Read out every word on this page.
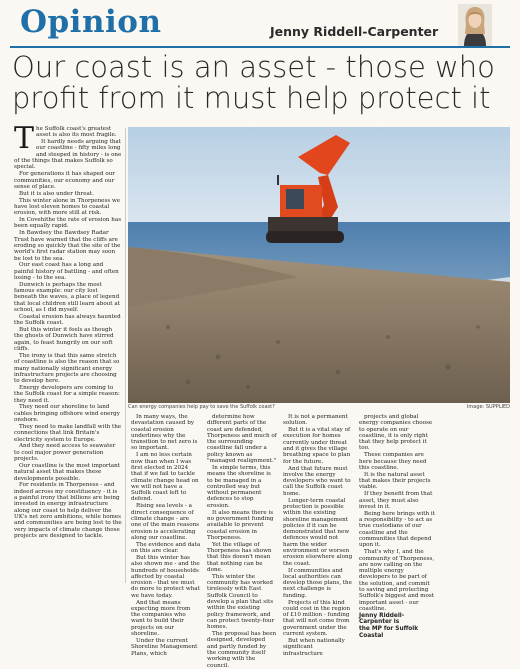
Opinion	Jenny Riddell-Carpenter
Our coast is an asset - those who profit from it must help protect it

The Suffolk coast's greatest asset is also its most fragile.

It hardly needs arguing that our coastline - fifty miles long and steeped in history - is one of the things that makes Suffolk so special.

For generations it has shaped our communities, our economy and our sense of place.

But it is also under threat.

This winter alone in Thorpeness we have lost eleven homes to coastal erosion, with more still at risk.

In Covehithe the rate of erosion has been equally rapid.

In Bawdsey the Bawdsey Radar Trust have warned that the cliffs are eroding so quickly that the site of the world's first radar station may soon be lost to the sea.

Our east coast has a long and painful history of battling - and often losing - to the sea.

Dunwich is perhaps the most famous example: our city lost beneath the waves, a place of legend that local children still learn about at school, as I did myself.

Coastal erosion has always haunted the Suffolk coast.

But this winter it feels as though the ghosts of Dunwich have stirred again, to feast hungrily on our soft cliffs.

The irony is that this same stretch of coastline is also the reason that so many nationally significant energy infrastructure projects are choosing to develop here.

Energy developers are coming to the Suffolk coast for a simple reason: they need it.

They need our shoreline to land cables bringing offshore wind energy onshore.

They need to make landfall with the connections that link Britain's electricity system to Europe.

And they need access to seawater to cool major power generation projects.

Our coastline is the most important natural asset that makes these developments possible.

For residents in Thorpeness - and indeed across my constituency - it is a painful irony that billions are being invested in energy infrastructure along our coast to help deliver the UK's net zero ambitions, while homes and communities are being lost to the very impacts of climate change those projects are designed to tackle.

Can energy companies help pay to save the Suffolk coast?	Image: SUPPLIED

In many ways, the devastation caused by coastal erosion underlines why the transition to net zero is so important.

I am no less certain now than when I was first elected in 2024 that if we fail to tackle climate change head on we will not have a Suffolk coast left to defend.

Rising sea levels - a direct consequence of climate change - are one of the main reasons erosion is accelerating along our coastline.

The evidence and data on this are clear.

But this winter has also shown me - and the hundreds of households affected by coastal erosion - that we must do more to protect what we have today.

And that means expecting more from the companies who want to build their projects on our shoreline.

Under the current Shoreline Management Plans, which

determine how different parts of the coast are defended, Thorpeness and much of the surrounding coastline fall under a policy known as "managed realignment."

In simple terms, this means the shoreline is to be managed in a controlled way but without permanent defences to stop erosion.

It also means there is no government funding available to prevent coastal erosion in Thorpeness.

Yet the village of Thorpeness has shown that this doesn't mean that nothing can be done.

This winter the community has worked tirelessly with East Suffolk Council to develop a plan that sits within the existing policy framework, and can protect twenty-four homes.

The proposal has been designed, developed and partly funded by the community itself working with the council.

It is not a permanent solution.

But it is a vital stay of execution for homes currently under threat and it gives the village breathing space to plan for the future.

And that future must involve the energy developers who want to call the Suffolk coast home.

Longer-term coastal protection is possible within the existing shoreline management policies if it can be demonstrated that new defences would not harm the wider environment or worsen erosion elsewhere along the coast.

If communities and local authorities can develop those plans, the next challenge is funding.

Projects of this kind could cost in the region of £10 million - funding that will not come from government under the current system.

But when nationally significant infrastructure

projects and global energy companies choose to operate on our coastline, it is only right that they help protect it too.

These companies are here because they need this coastline.

It is the natural asset that makes their projects viable.

If they benefit from that asset, they must also invest in it.

Being here brings with it a responsibility - to act as true custodians of our coastline and the communities that depend upon it.

That's why I, and the community of Thorpeness, are now calling on the multiple energy developers to be part of the solution, and commit to saving and protecting Suffolk's biggest and most important asset - our coastline.

Jenny Riddell-Carpenter is
the MP for Suffolk Coastal
